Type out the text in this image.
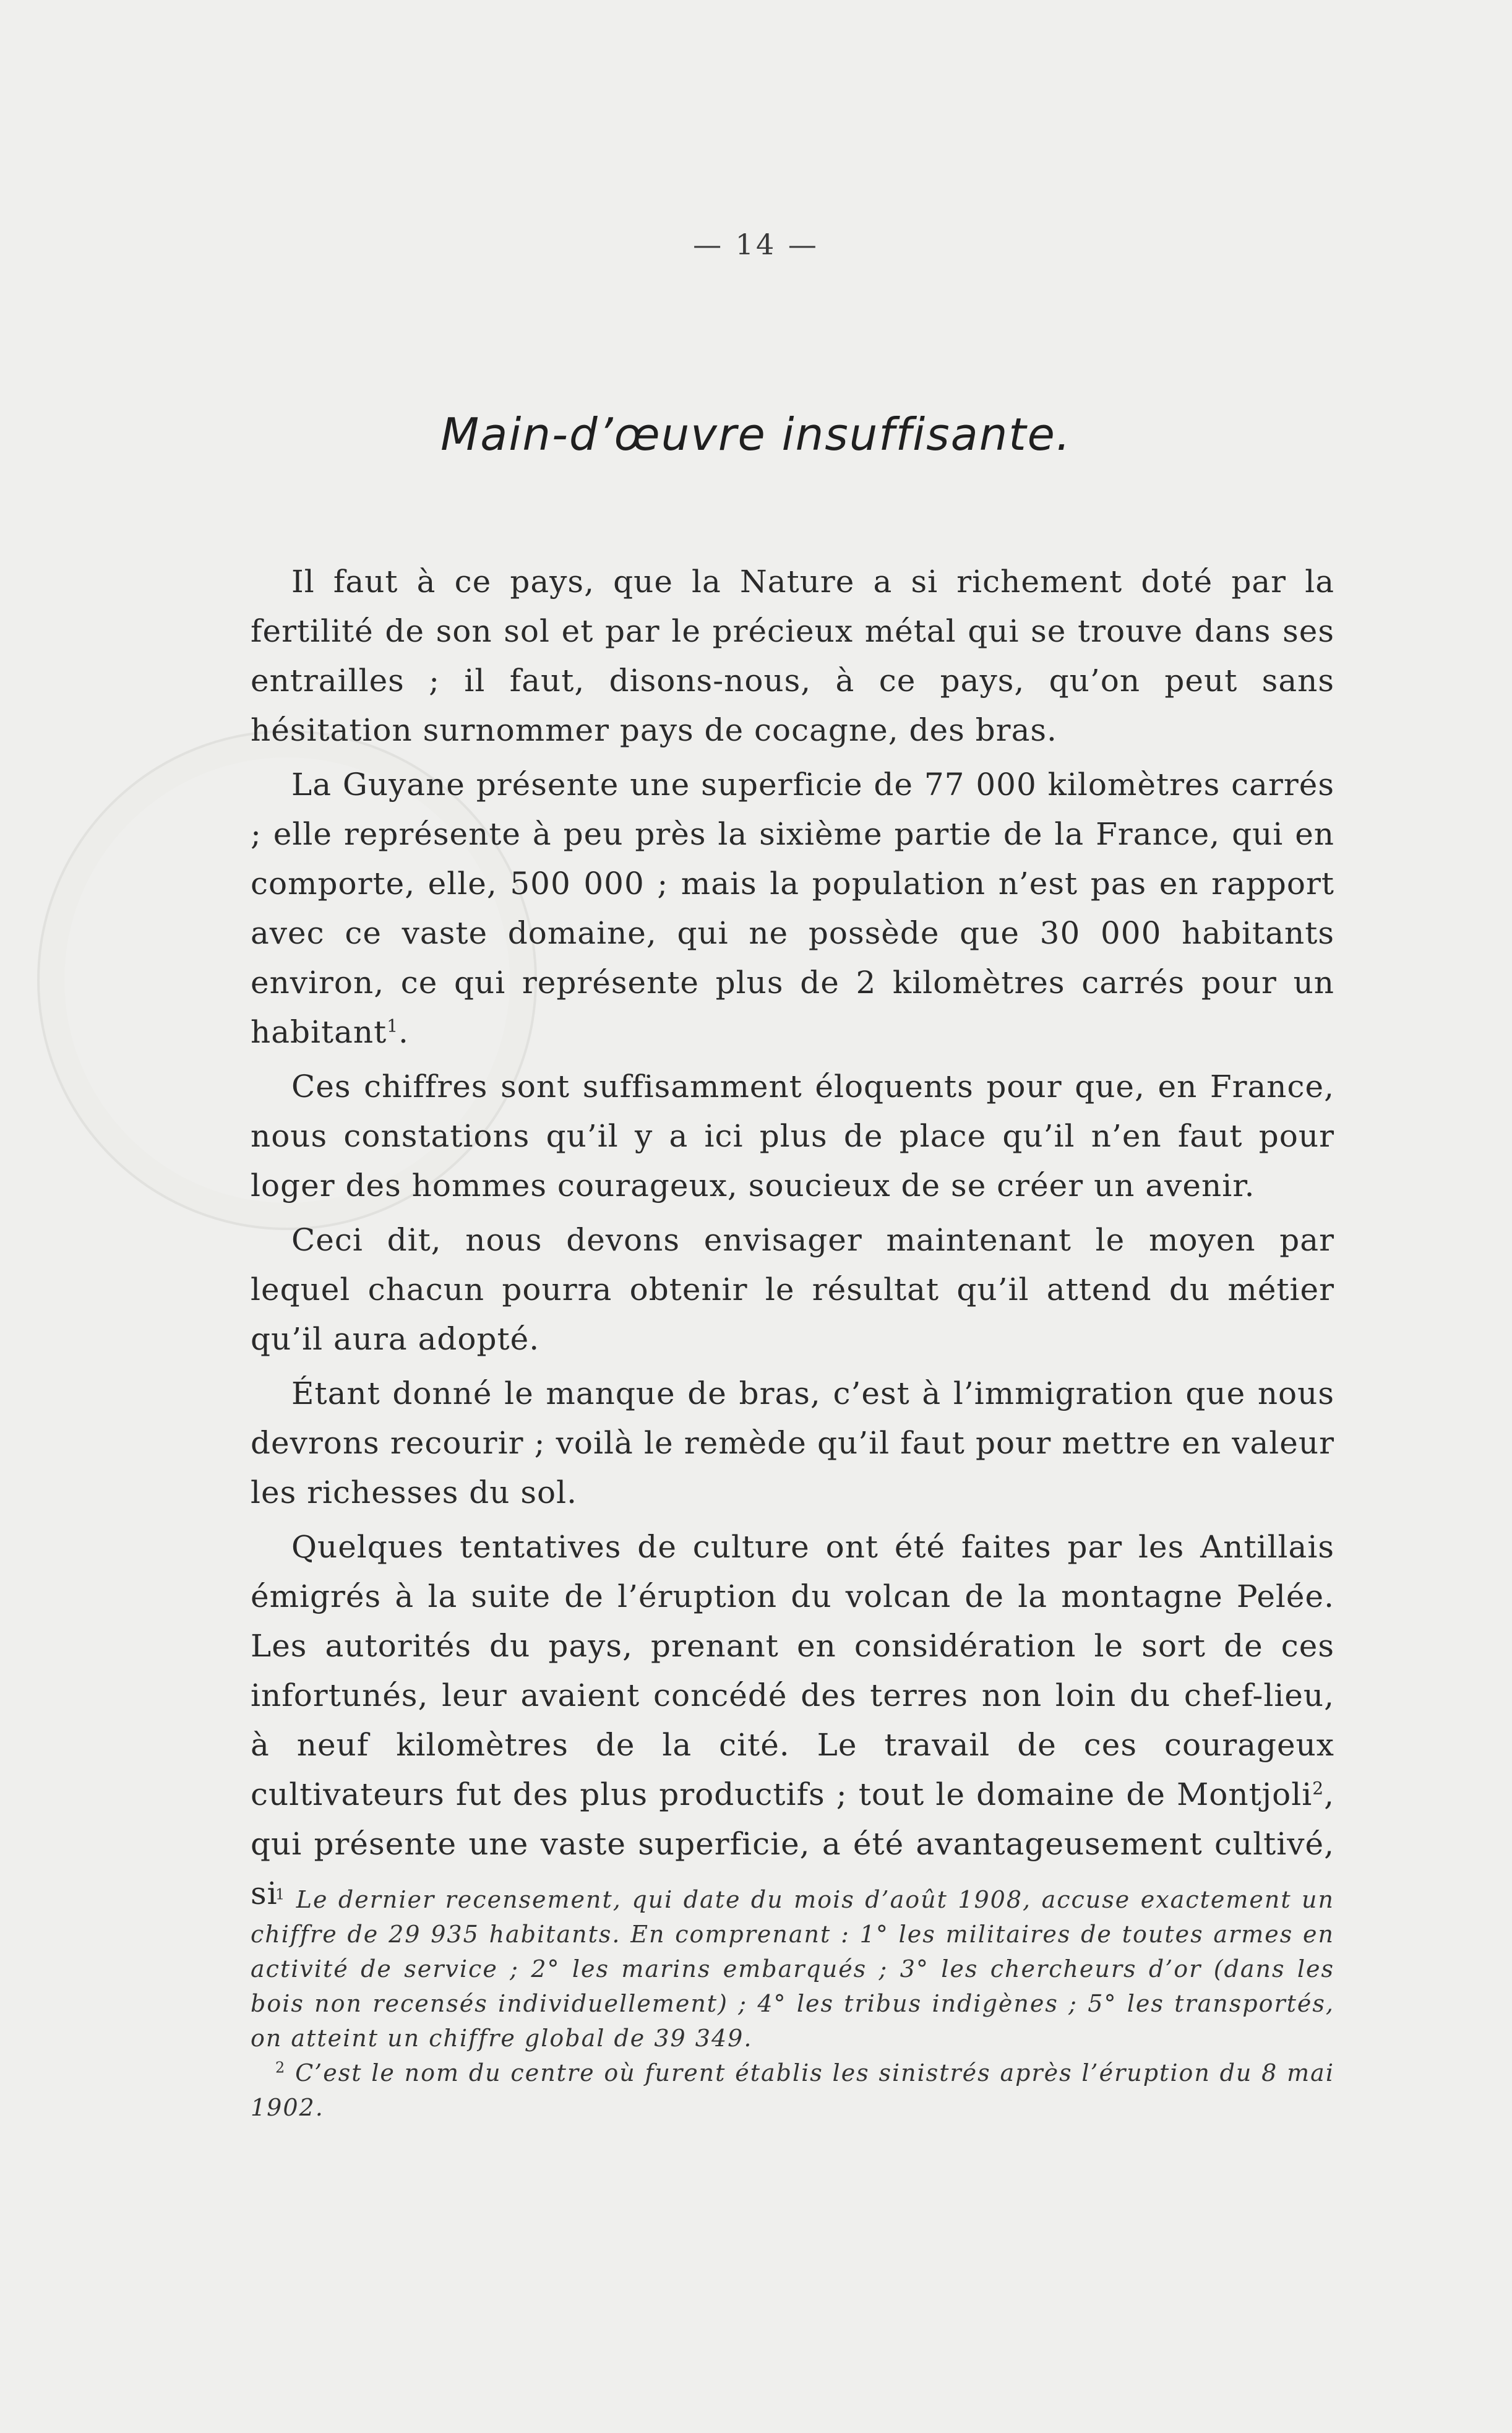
— 14 —
Main-d’œuvre insuffisante.

Il faut à ce pays, que la Nature a si richement doté par la fertilité de son sol et par le précieux métal qui se trouve dans ses entrailles ; il faut, disons-nous, à ce pays, qu’on peut sans hésitation surnommer pays de cocagne, des bras.

La Guyane présente une superficie de 77 000 kilomètres carrés ; elle représente à peu près la sixième partie de la France, qui en comporte, elle, 500 000 ; mais la population n’est pas en rapport avec ce vaste domaine, qui ne possède que 30 000 habitants environ, ce qui représente plus de 2 kilomètres carrés pour un habitant$^1$.

Ces chiffres sont suffisamment éloquents pour que, en France, nous constations qu’il y a ici plus de place qu’il n’en faut pour loger des hommes courageux, soucieux de se créer un avenir.

Ceci dit, nous devons envisager maintenant le moyen par lequel chacun pourra obtenir le résultat qu’il attend du métier qu’il aura adopté.

Étant donné le manque de bras, c’est à l’immigration que nous devrons recourir ; voilà le remède qu’il faut pour mettre en valeur les richesses du sol.

Quelques tentatives de culture ont été faites par les Antillais émigrés à la suite de l’éruption du volcan de la montagne Pelée. Les autorités du pays, prenant en considération le sort de ces infortunés, leur avaient concédé des terres non loin du chef-lieu, à neuf kilomètres de la cité. Le travail de ces courageux cultivateurs fut des plus productifs ; tout le domaine de Montjoli$^2$, qui présente une vaste superficie, a été avantageusement cultivé, si

$^1$ Le dernier recensement, qui date du mois d’août 1908, accuse exactement un chiffre de 29 935 habitants. En comprenant : 1° les militaires de toutes armes en activité de service ; 2° les marins embarqués ; 3° les chercheurs d’or (dans les bois non recensés individuellement) ; 4° les tribus indigènes ; 5° les transportés, on atteint un chiffre global de 39 349.

$^2$ C’est le nom du centre où furent établis les sinistrés après l’éruption du 8 mai 1902.
